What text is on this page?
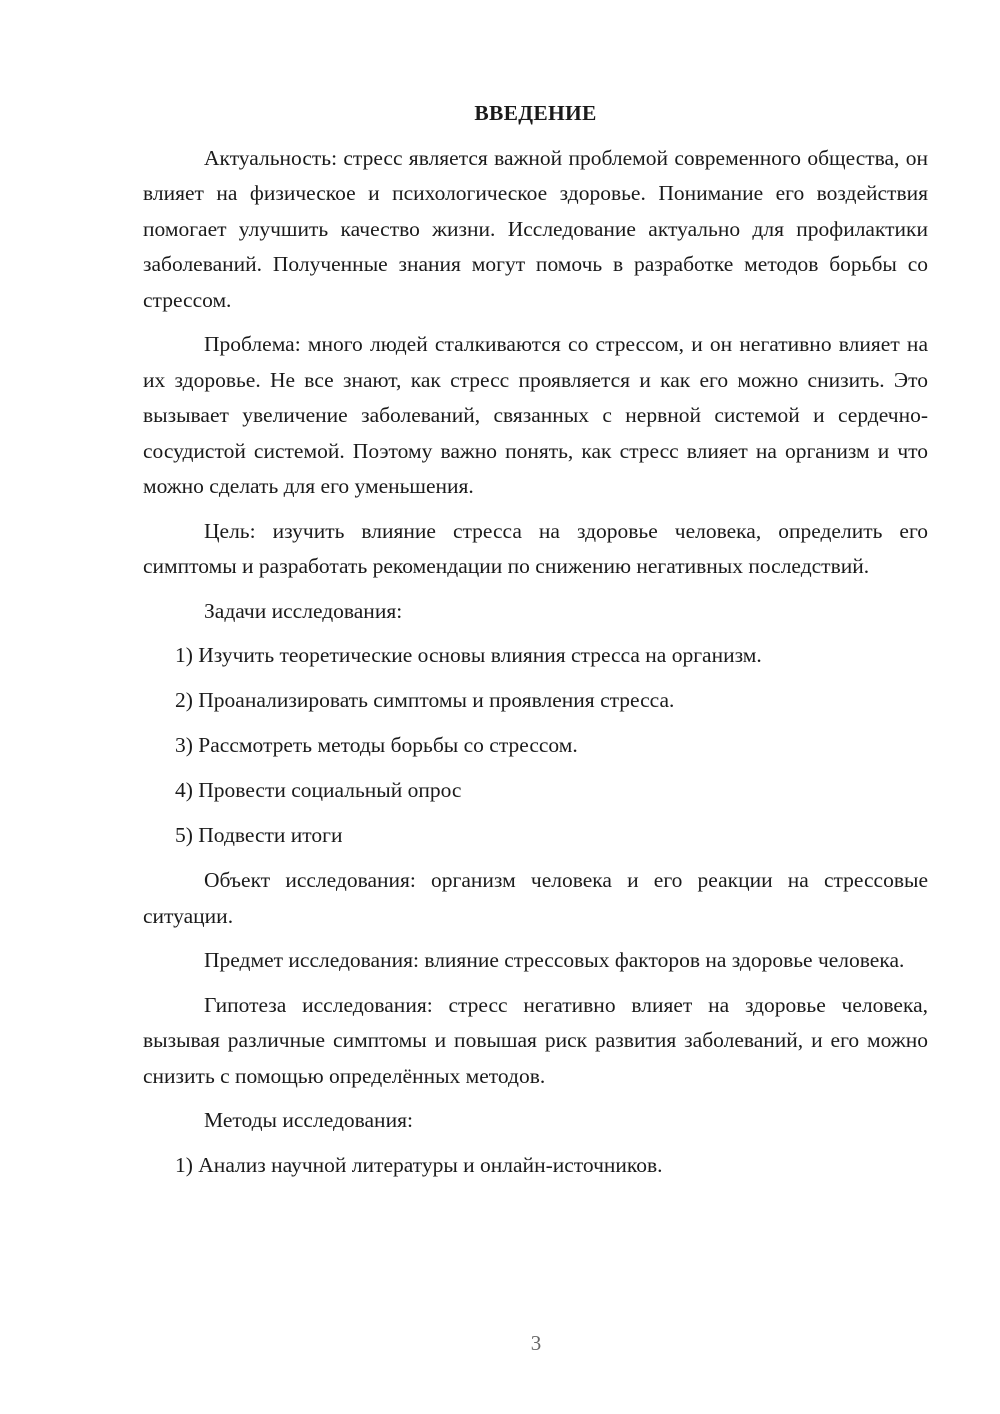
ВВЕДЕНИЕ

Актуальность: стресс является важной проблемой современного общества, он влияет на физическое и психологическое здоровье. Понимание его воздействия помогает улучшить качество жизни. Исследование актуально для профилактики заболеваний. Полученные знания могут помочь в разработке методов борьбы со стрессом.

Проблема: много людей сталкиваются со стрессом, и он негативно влияет на их здоровье. Не все знают, как стресс проявляется и как его можно снизить. Это вызывает увеличение заболеваний, связанных с нервной системой и сердечно-сосудистой системой. Поэтому важно понять, как стресс влияет на организм и что можно сделать для его уменьшения.

Цель: изучить влияние стресса на здоровье человека, определить его симптомы и разработать рекомендации по снижению негативных последствий.

Задачи исследования:

1) Изучить теоретические основы влияния стресса на организм.

2) Проанализировать симптомы и проявления стресса.

3) Рассмотреть методы борьбы со стрессом.

4) Провести социальный опрос

5) Подвести итоги

Объект исследования: организм человека и его реакции на стрессовые ситуации.

Предмет исследования: влияние стрессовых факторов на здоровье человека.

Гипотеза исследования: стресс негативно влияет на здоровье человека, вызывая различные симптомы и повышая риск развития заболеваний, и его можно снизить с помощью определённых методов.

Методы исследования:

1) Анализ научной литературы и онлайн-источников.

3
